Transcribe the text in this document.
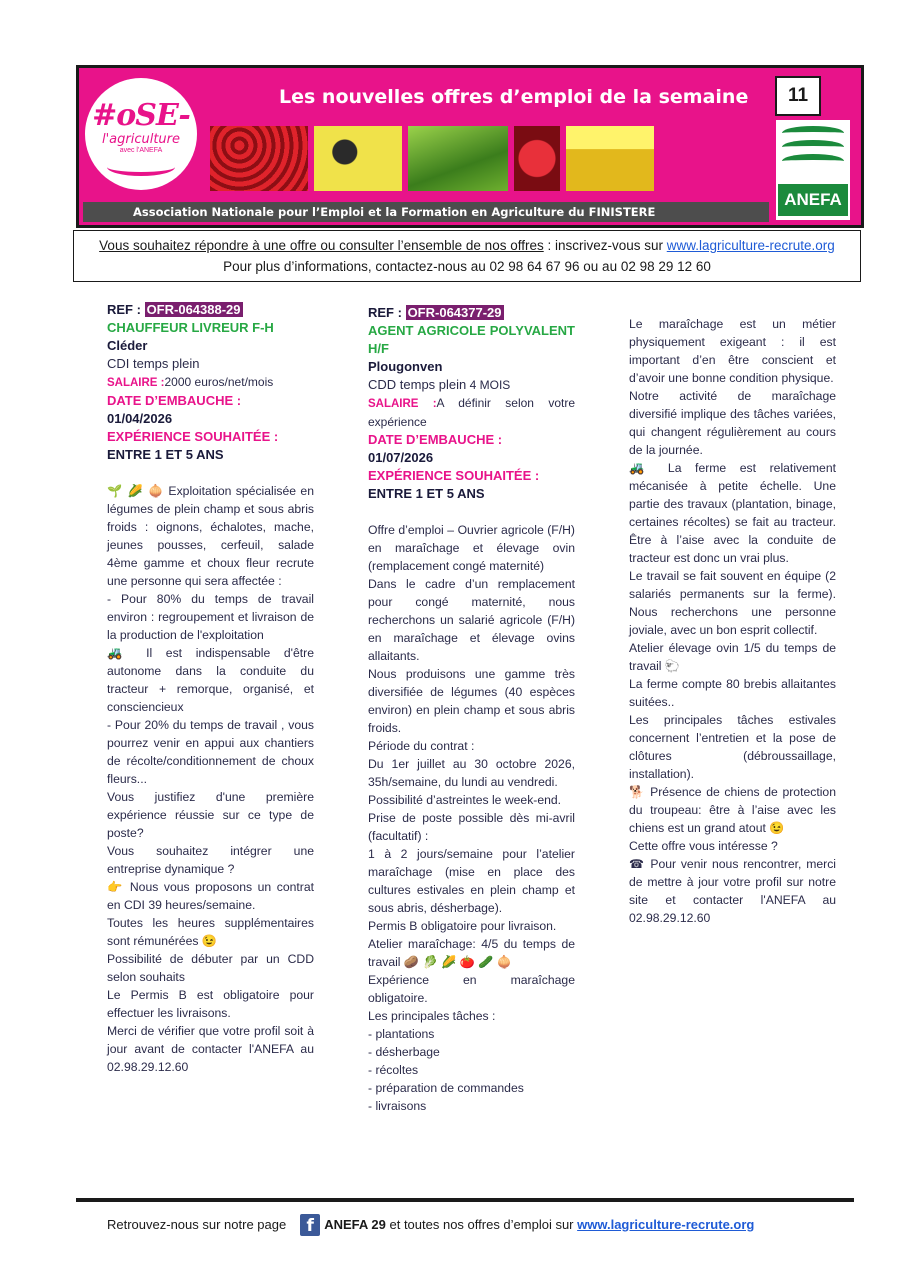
#oSE-
l'agriculture
avec l'ANEFA
Les nouvelles offres d’emploi de la semaine	11
ANEFA
Association Nationale pour l’Emploi et la Formation en Agriculture du FINISTERE
Vous souhaitez répondre à une offre ou consulter l’ensemble de nos offres : inscrivez-vous sur www.lagriculture-recrute.org
Pour plus d’informations, contactez-nous au 02 98 64 67 96 ou au 02 98 29 12 60

REF : OFR-064388-29

CHAUFFEUR LIVREUR F-H

Cléder

CDI temps plein

SALAIRE :2000 euros/net/mois

DATE D’EMBAUCHE :

01/04/2026

EXPÉRIENCE SOUHAITÉE :

ENTRE 1 ET 5 ANS

🌱 🌽 🧅 Exploitation spécialisée en légumes de plein champ et sous abris froids : oignons, échalotes, mache, jeunes pousses, cerfeuil, salade 4ème gamme et choux fleur recrute une personne qui sera affectée :

- Pour 80% du temps de travail environ : regroupement et livraison de la production de l'exploitation

🚜 Il est indispensable d'être autonome dans la conduite du tracteur + remorque, organisé, et consciencieux

- Pour 20% du temps de travail , vous pourrez venir en appui aux chantiers de récolte/conditionnement de choux fleurs...

Vous justifiez d'une première expérience réussie sur ce type de poste?

Vous souhaitez intégrer une entreprise dynamique ?

👉 Nous vous proposons un contrat en CDI 39 heures/semaine.

Toutes les heures supplémentaires sont rémunérées 😉

Possibilité de débuter par un CDD selon souhaits

Le Permis B est obligatoire pour effectuer les livraisons.

Merci de vérifier que votre profil soit à jour avant de contacter l'ANEFA au 02.98.29.12.60

REF : OFR-064377-29

AGENT AGRICOLE POLYVALENT H/F

Plougonven

CDD temps plein 4 MOIS

SALAIRE :A définir selon votre expérience

DATE D’EMBAUCHE :

01/07/2026

EXPÉRIENCE SOUHAITÉE :

ENTRE 1 ET 5 ANS

Offre d’emploi – Ouvrier agricole (F/H) en maraîchage et élevage ovin (remplacement congé maternité)

Dans le cadre d’un remplacement pour congé maternité, nous recherchons un salarié agricole (F/H) en maraîchage et élevage ovins allaitants.

Nous produisons une gamme très diversifiée de légumes (40 espèces environ) en plein champ et sous abris froids.

Période du contrat :

Du 1er juillet au 30 octobre 2026, 35h/semaine, du lundi au vendredi.

Possibilité d’astreintes le week-end.

Prise de poste possible dès mi-avril (facultatif) :

1 à 2 jours/semaine pour l’atelier maraîchage (mise en place des cultures estivales en plein champ et sous abris, désherbage).

Permis B obligatoire pour livraison.

Atelier maraîchage: 4/5 du temps de travail 🥔 🥬 🌽 🍅 🥒 🧅

Expérience en maraîchage obligatoire.

Les principales tâches :

- plantations

- désherbage

- récoltes

- préparation de commandes

- livraisons

Le maraîchage est un métier physiquement exigeant : il est important d’en être conscient et d’avoir une bonne condition physique.

Notre activité de maraîchage diversifié implique des tâches variées, qui changent régulièrement au cours de la journée.

🚜 La ferme est relativement mécanisée à petite échelle. Une partie des travaux (plantation, binage, certaines récoltes) se fait au tracteur. Être à l’aise avec la conduite de tracteur est donc un vrai plus.

Le travail se fait souvent en équipe (2 salariés permanents sur la ferme). Nous recherchons une personne joviale, avec un bon esprit collectif.

Atelier élevage ovin 1/5 du temps de travail 🐑

La ferme compte 80 brebis allaitantes suitées..

Les principales tâches estivales concernent l’entretien et la pose de clôtures (débroussaillage, installation).

🐕 Présence de chiens de protection du troupeau: être à l’aise avec les chiens est un grand atout 😉

Cette offre vous intéresse ?

☎ Pour venir nous rencontrer, merci de mettre à jour votre profil sur notre site et contacter l'ANEFA au 02.98.29.12.60

Retrouvez-nous sur notre page f ANEFA 29 et toutes nos offres d’emploi sur www.lagriculture-recrute.org
